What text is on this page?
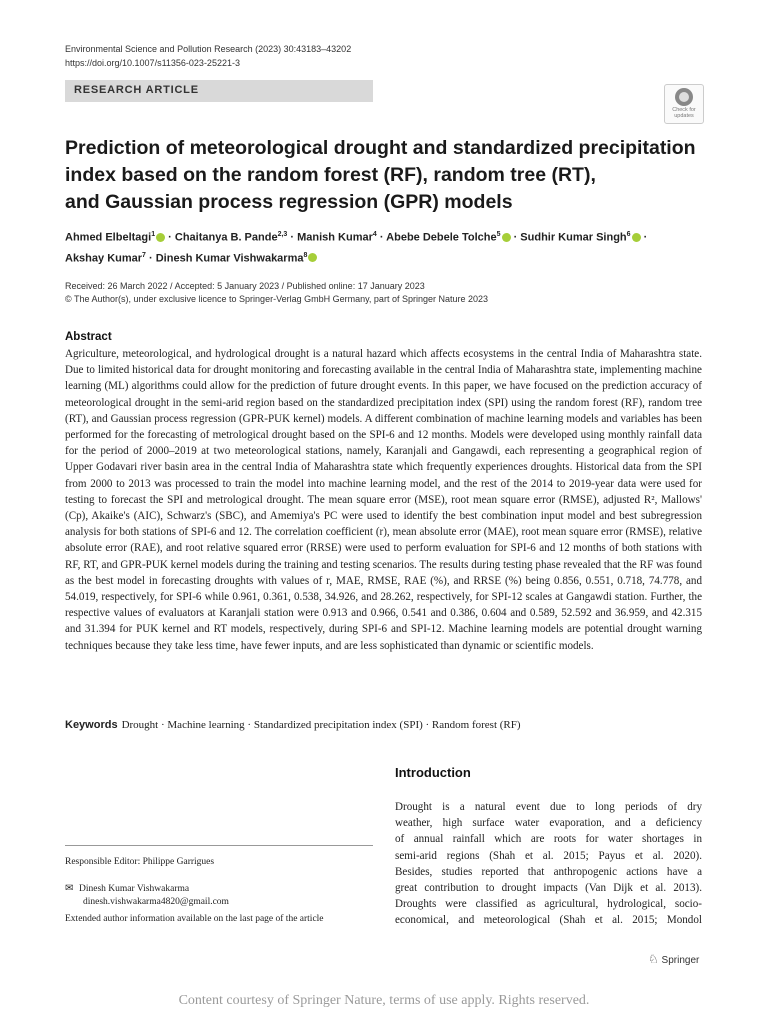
Environmental Science and Pollution Research (2023) 30:43183–43202
https://doi.org/10.1007/s11356-023-25221-3
RESEARCH ARTICLE
Check for updates
Prediction of meteorological drought and standardized precipitation
index based on the random forest (RF), random tree (RT),
and Gaussian process regression (GPR) models
Ahmed Elbeltagi$^1$ · Chaitanya B. Pande$^{2,3}$ · Manish Kumar$^4$ · Abebe Debele Tolche$^5$ · Sudhir Kumar Singh$^6$ ·
Akshay Kumar$^7$ · Dinesh Kumar Vishwakarma$^8$
Received: 26 March 2022 / Accepted: 5 January 2023 / Published online: 17 January 2023
© The Author(s), under exclusive licence to Springer-Verlag GmbH Germany, part of Springer Nature 2023
Abstract
Agriculture, meteorological, and hydrological drought is a natural hazard which affects ecosystems in the central India of Maharashtra state. Due to limited historical data for drought monitoring and forecasting available in the central India of Maharashtra state, implementing machine learning (ML) algorithms could allow for the prediction of future drought events. In this paper, we have focused on the prediction accuracy of meteorological drought in the semi-arid region based on the standardized precipitation index (SPI) using the random forest (RF), random tree (RT), and Gaussian process regression (GPR-PUK kernel) models. A different combination of machine learning models and variables has been performed for the forecasting of metrological drought based on the SPI-6 and 12 months. Models were developed using monthly rainfall data for the period of 2000–2019 at two meteorological stations, namely, Karanjali and Gangawdi, each representing a geographical region of Upper Godavari river basin area in the central India of Maharashtra state which frequently experiences droughts. Historical data from the SPI from 2000 to 2013 was processed to train the model into machine learning model, and the rest of the 2014 to 2019-year data were used for testing to forecast the SPI and metrological drought. The mean square error (MSE), root mean square error (RMSE), adjusted R², Mallows' (Cp), Akaike's (AIC), Schwarz's (SBC), and Amemiya's PC were used to identify the best combination input model and best subregression analysis for both stations of SPI-6 and 12. The correlation coefficient (r), mean absolute error (MAE), root mean square error (RMSE), relative absolute error (RAE), and root relative squared error (RRSE) were used to perform evaluation for SPI-6 and 12 months of both stations with RF, RT, and GPR-PUK kernel models during the training and testing scenarios. The results during testing phase revealed that the RF was found as the best model in forecasting droughts with values of r, MAE, RMSE, RAE (%), and RRSE (%) being 0.856, 0.551, 0.718, 74.778, and 54.019, respectively, for SPI-6 while 0.961, 0.361, 0.538, 34.926, and 28.262, respectively, for SPI-12 scales at Gangawdi station. Further, the respective values of evaluators at Karanjali station were 0.913 and 0.966, 0.541 and 0.386, 0.604 and 0.589, 52.592 and 36.959, and 42.315 and 31.394 for PUK kernel and RT models, respectively, during SPI-6 and SPI-12. Machine learning models are potential drought warning techniques because they take less time, have fewer inputs, and are less sophisticated than dynamic or scientific models.
Keywords Drought · Machine learning · Standardized precipitation index (SPI) · Random forest (RF)
Introduction
Drought is a natural event due to long periods of dry
weather, high surface water evaporation, and a deficiency
of annual rainfall which are roots for water shortages in
semi-arid regions (Shah et al. 2015; Payus et al. 2020).
Besides, studies reported that anthropogenic actions have a
great contribution to drought impacts (Van Dijk et al. 2013).
Droughts were classified as agricultural, hydrological, socio-
economical, and meteorological (Shah et al. 2015; Mondol
Responsible Editor: Philippe Garrigues
✉ Dinesh Kumar Vishwakarma
dinesh.vishwakarma4820@gmail.com
Extended author information available on the last page of the article
♘ Springer
Content courtesy of Springer Nature, terms of use apply. Rights reserved.
